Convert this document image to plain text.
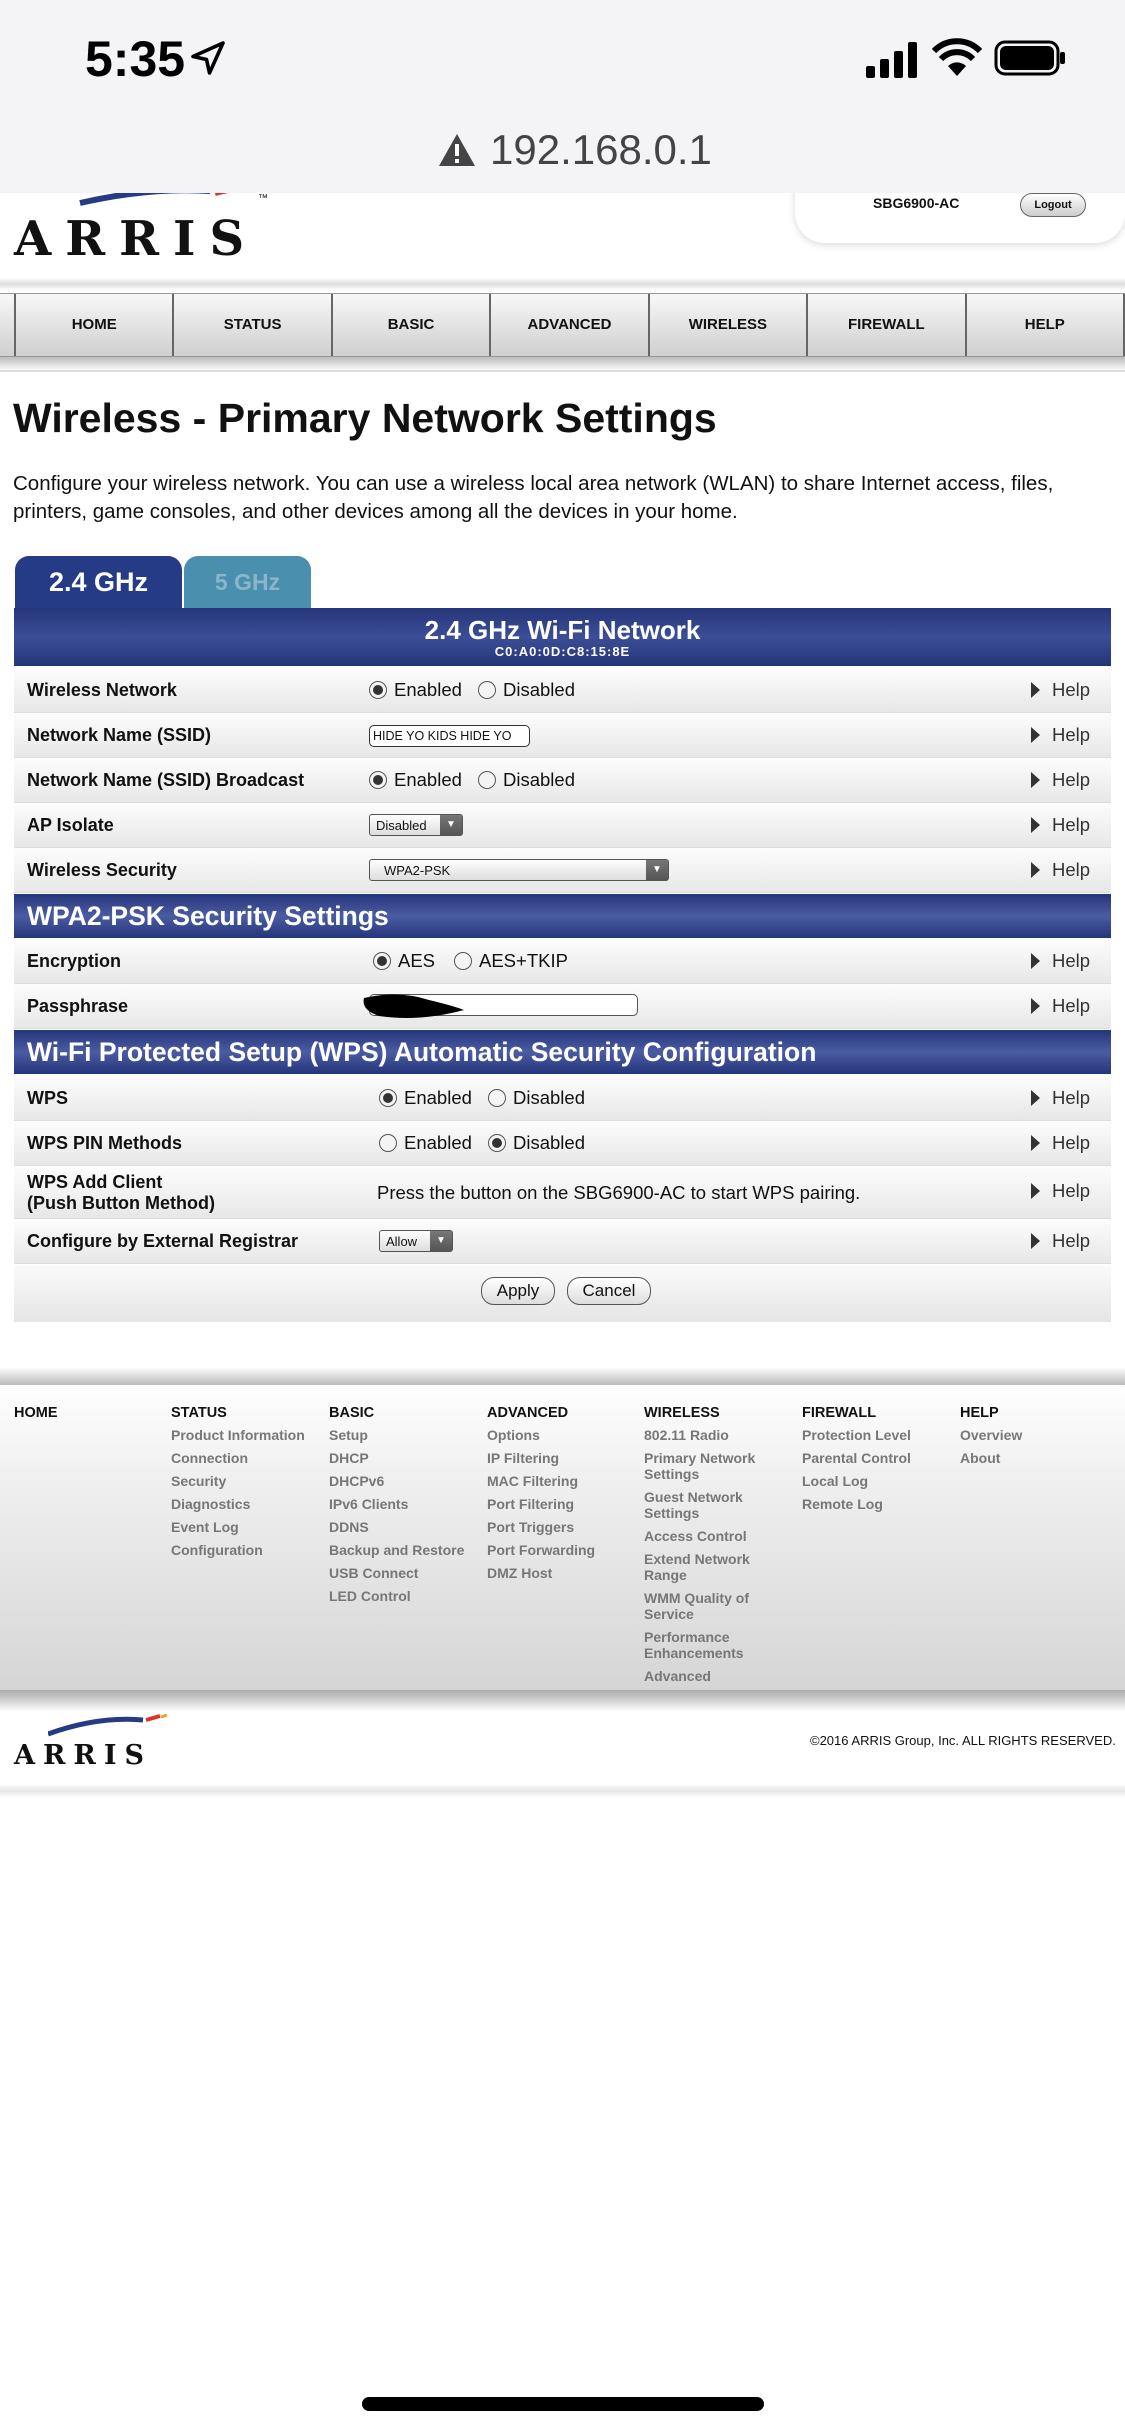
5:35
192.168.0.1
ARRIS
™	SBG6900-AC	Logout
HOME	STATUS	BASIC	ADVANCED	WIRELESS	FIREWALL	HELP
Wireless - Primary Network Settings
Configure your wireless network. You can use a wireless local area network (WLAN) to share Internet access, files, printers, game consoles, and other devices among all the devices in your home.
2.4 GHz	5 GHz
2.4 GHz Wi-Fi Network
C0:A0:0D:C8:15:8E
Wireless Network	Enabled Disabled	Help
Network Name (SSID)	HIDE YO KIDS HIDE YO	Help
Network Name (SSID) Broadcast	Enabled Disabled	Help
AP Isolate	Disabled	▼	Help
Wireless Security	WPA2-PSK	▼	Help
WPA2-PSK Security Settings
Encryption	AES AES+TKIP	Help
Passphrase	Help
Wi-Fi Protected Setup (WPS) Automatic Security Configuration
WPS	Enabled Disabled	Help
WPS PIN Methods	Enabled Disabled	Help
WPS Add Client
(Push Button Method)	Press the button on the SBG6900-AC to start WPS pairing.	Help
Configure by External Registrar	Allow	▼	Help
Apply	Cancel
HOME	STATUS
Product Information
Connection
Security
Diagnostics
Event Log
Configuration
BASIC
Setup
DHCP
DHCPv6
IPv6 Clients
DDNS
Backup and Restore
USB Connect
LED Control
ADVANCED
Options
IP Filtering
MAC Filtering
Port Filtering
Port Triggers
Port Forwarding
DMZ Host
WIRELESS
802.11 Radio
Primary Network Settings
Guest Network Settings
Access Control
Extend Network Range
WMM Quality of Service
Performance Enhancements
Advanced
FIREWALL
Protection Level
Parental Control
Local Log
Remote Log
HELP
Overview
About
ARRIS	©2016 ARRIS Group, Inc. ALL RIGHTS RESERVED.
